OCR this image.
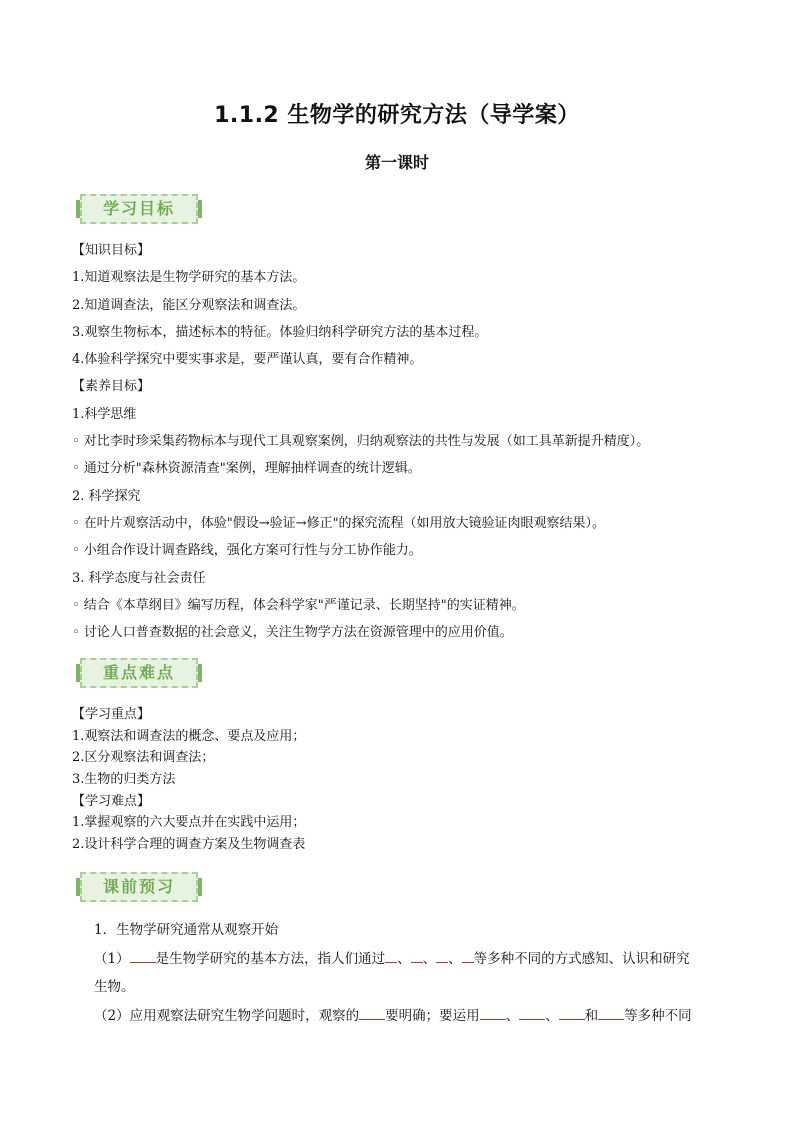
1.1.2 生物学的研究方法（导学案）
第一课时
学习目标
【知识目标】
1.知道观察法是生物学研究的基本方法。
2.知道调查法，能区分观察法和调查法。
3.观察生物标本，描述标本的特征。体验归纳科学研究方法的基本过程。
4.体验科学探究中要实事求是，要严谨认真，要有合作精神。
【素养目标】
1.科学思维
◦ 对比李时珍采集药物标本与现代工具观察案例，归纳观察法的共性与发展（如工具革新提升精度）。
◦ 通过分析"森林资源清查"案例，理解抽样调查的统计逻辑。
2. 科学探究
◦ 在叶片观察活动中，体验"假设→验证→修正"的探究流程（如用放大镜验证肉眼观察结果）。
◦ 小组合作设计调查路线，强化方案可行性与分工协作能力。
3. 科学态度与社会责任
◦ 结合《本草纲目》编写历程，体会科学家"严谨记录、长期坚持"的实证精神。
◦ 讨论人口普查数据的社会意义，关注生物学方法在资源管理中的应用价值。
重点难点
【学习重点】
1.观察法和调查法的概念、要点及应用；
2.区分观察法和调查法；
3.生物的归类方法
【学习难点】
1.掌握观察的六大要点并在实践中运用；
2.设计科学合理的调查方案及生物调查表
课前预习
1．生物学研究通常从观察开始
（1） 是生物学研究的基本方法，指人们通过 、 、 、 等多种不同的方式感知、认识和研究
生物。
（2）应用观察法研究生物学问题时，观察的 要明确；要运用 、 、 和 等多种不同
